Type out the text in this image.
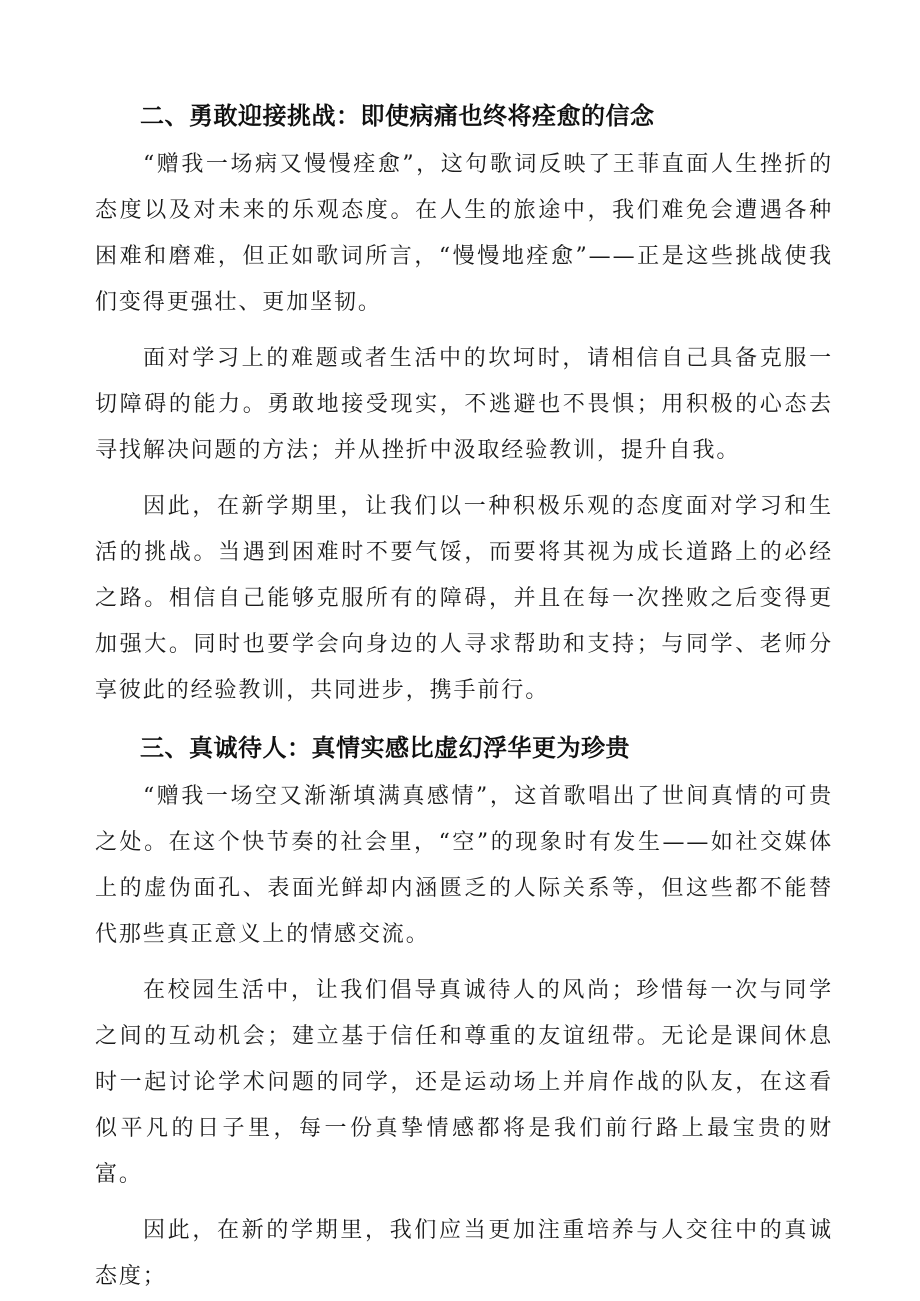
二、勇敢迎接挑战：即使病痛也终将痊愈的信念

“赠我一场病又慢慢痊愈”，这句歌词反映了王菲直面人生挫折的态度以及对未来的乐观态度。在人生的旅途中，我们难免会遭遇各种困难和磨难，但正如歌词所言，“慢慢地痊愈”——正是这些挑战使我们变得更强壮、更加坚韧。

面对学习上的难题或者生活中的坎坷时，请相信自己具备克服一切障碍的能力。勇敢地接受现实，不逃避也不畏惧；用积极的心态去寻找解决问题的方法；并从挫折中汲取经验教训，提升自我。

因此，在新学期里，让我们以一种积极乐观的态度面对学习和生活的挑战。当遇到困难时不要气馁，而要将其视为成长道路上的必经之路。相信自己能够克服所有的障碍，并且在每一次挫败之后变得更加强大。同时也要学会向身边的人寻求帮助和支持；与同学、老师分享彼此的经验教训，共同进步，携手前行。

三、真诚待人：真情实感比虚幻浮华更为珍贵

“赠我一场空又渐渐填满真感情”，这首歌唱出了世间真情的可贵之处。在这个快节奏的社会里，“空”的现象时有发生——如社交媒体上的虚伪面孔、表面光鲜却内涵匮乏的人际关系等，但这些都不能替代那些真正意义上的情感交流。

在校园生活中，让我们倡导真诚待人的风尚；珍惜每一次与同学之间的互动机会；建立基于信任和尊重的友谊纽带。无论是课间休息时一起讨论学术问题的同学，还是运动场上并肩作战的队友，在这看似平凡的日子里，每一份真挚情感都将是我们前行路上最宝贵的财富。

因此，在新的学期里，我们应当更加注重培养与人交往中的真诚态度；
